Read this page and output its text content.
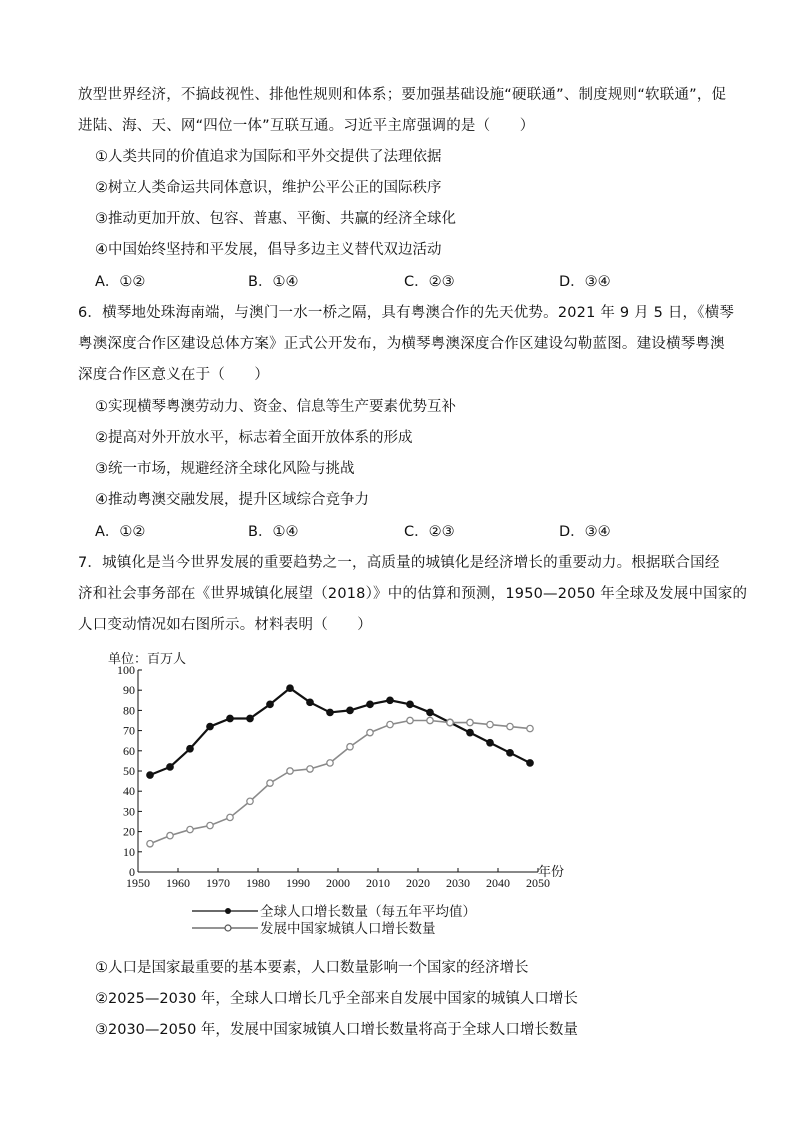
放型世界经济，不搞歧视性、排他性规则和体系；要加强基础设施“硬联通”、制度规则“软联通”，促
进陆、海、天、网“四位一体”互联互通。习近平主席强调的是（　　）
①人类共同的价值追求为国际和平外交提供了法理依据
②树立人类命运共同体意识，维护公平公正的国际秩序
③推动更加开放、包容、普惠、平衡、共赢的经济全球化
④中国始终坚持和平发展，倡导多边主义替代双边活动
A．①②	B．①④	C．②③	D．③④
6．横琴地处珠海南端，与澳门一水一桥之隔，具有粤澳合作的先天优势。2021 年 9 月 5 日，《横琴
粤澳深度合作区建设总体方案》正式公开发布，为横琴粤澳深度合作区建设勾勒蓝图。建设横琴粤澳
深度合作区意义在于（　　）
①实现横琴粤澳劳动力、资金、信息等生产要素优势互补
②提高对外开放水平，标志着全面开放体系的形成
③统一市场，规避经济全球化风险与挑战
④推动粤澳交融发展，提升区域综合竞争力
A．①②	B．①④	C．②③	D．③④
7．城镇化是当今世界发展的重要趋势之一，高质量的城镇化是经济增长的重要动力。根据联合国经
济和社会事务部在《世界城镇化展望（2018）》中的估算和预测，1950—2050 年全球及发展中国家的
人口变动情况如右图所示。材料表明（　　）
单位：百万人
0
10
20
30
40
50
60
70
80
90
100
1950 1960 1970 1980 1990 2000 2010 2020 2030 2040 2050
年份
全球人口增长数量（每五年平均值）
发展中国家城镇人口增长数量
①人口是国家最重要的基本要素，人口数量影响一个国家的经济增长
②2025—2030 年，全球人口增长几乎全部来自发展中国家的城镇人口增长
③2030—2050 年，发展中国家城镇人口增长数量将高于全球人口增长数量
